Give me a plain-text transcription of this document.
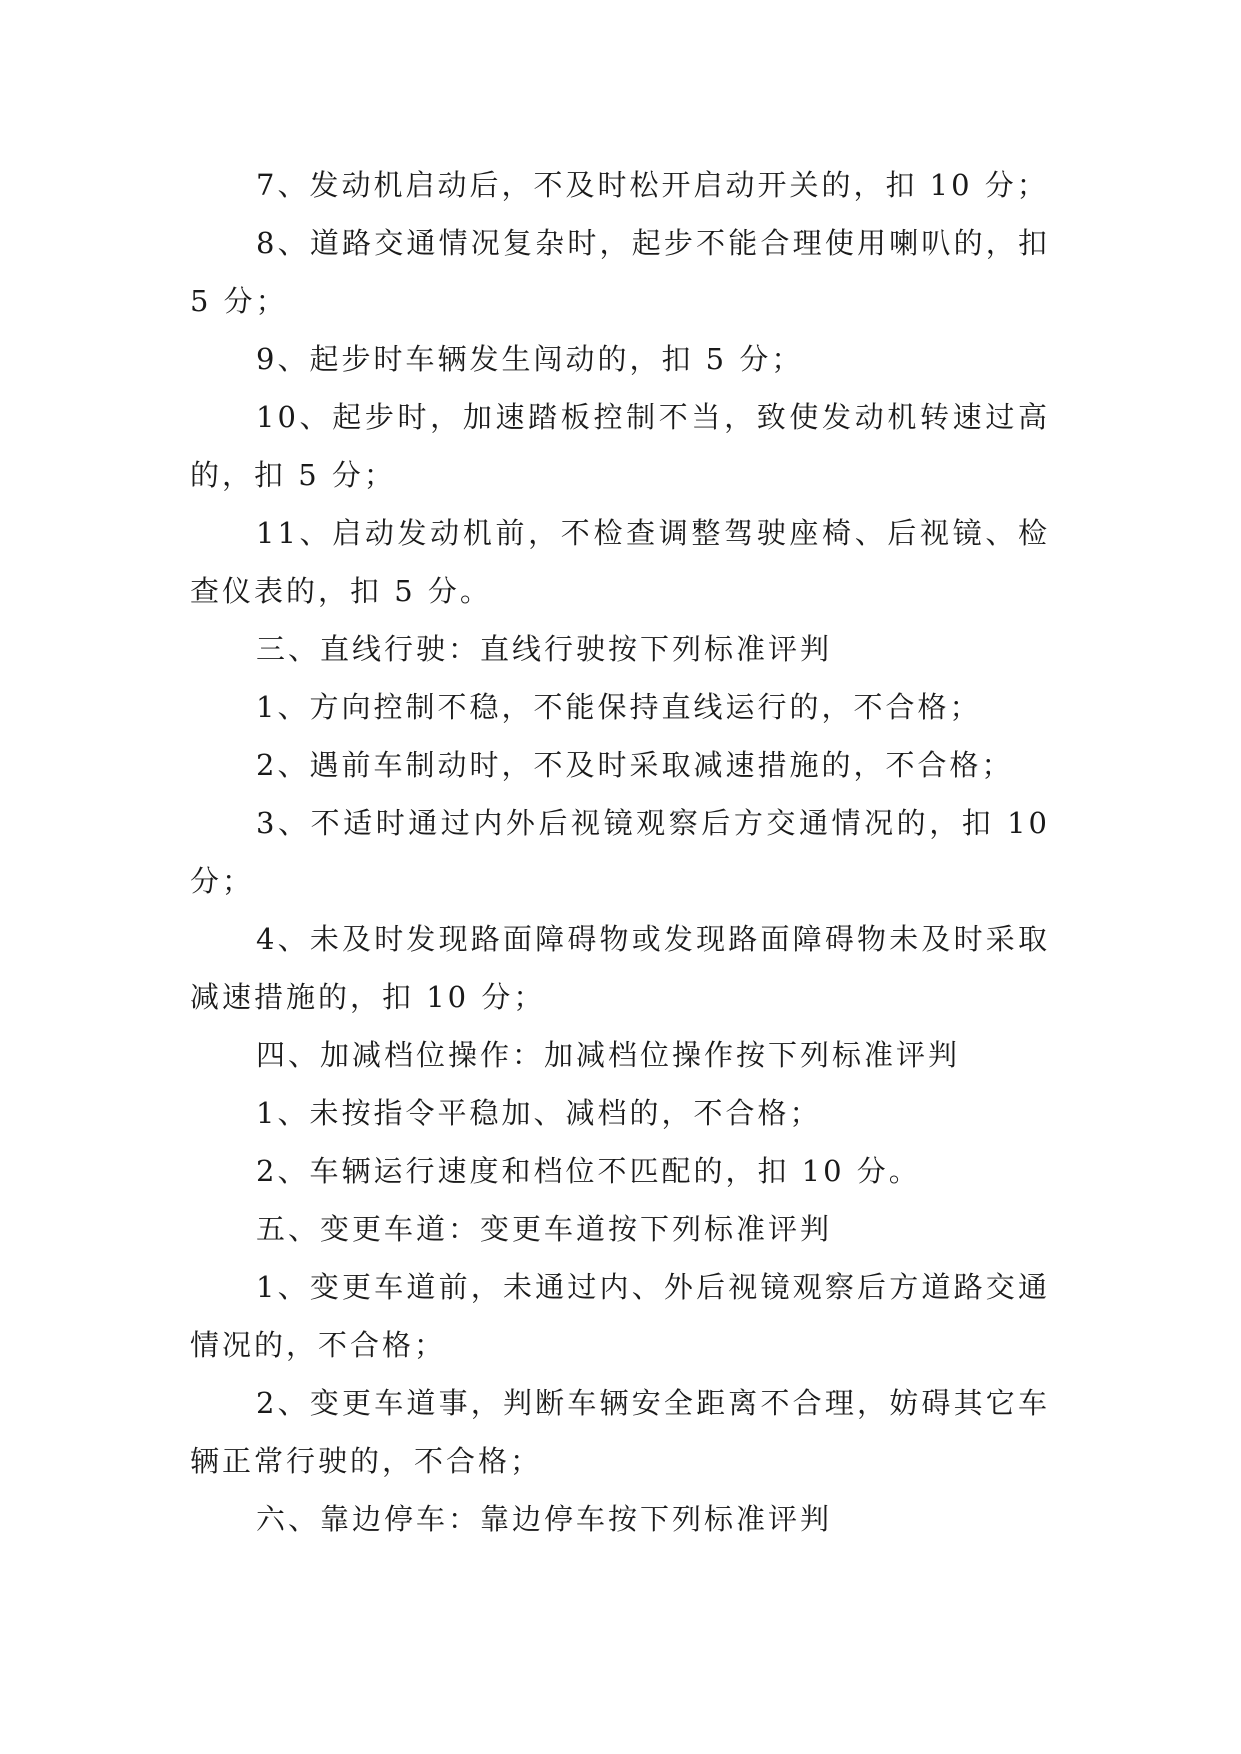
7、发动机启动后，不及时松开启动开关的，扣 10 分；

8、道路交通情况复杂时，起步不能合理使用喇叭的，扣 5 分；

9、起步时车辆发生闯动的，扣 5 分；

10、起步时，加速踏板控制不当，致使发动机转速过高的，扣 5 分；

11、启动发动机前，不检查调整驾驶座椅、后视镜、检查仪表的，扣 5 分。

三、直线行驶：直线行驶按下列标准评判

1、方向控制不稳，不能保持直线运行的，不合格；

2、遇前车制动时，不及时采取减速措施的，不合格；

3、不适时通过内外后视镜观察后方交通情况的，扣 10 分；

4、未及时发现路面障碍物或发现路面障碍物未及时采取减速措施的，扣 10 分；

四、加减档位操作：加减档位操作按下列标准评判

1、未按指令平稳加、减档的，不合格；

2、车辆运行速度和档位不匹配的，扣 10 分。

五、变更车道：变更车道按下列标准评判

1、变更车道前，未通过内、外后视镜观察后方道路交通情况的，不合格；

2、变更车道事，判断车辆安全距离不合理，妨碍其它车辆正常行驶的，不合格；

六、靠边停车：靠边停车按下列标准评判
